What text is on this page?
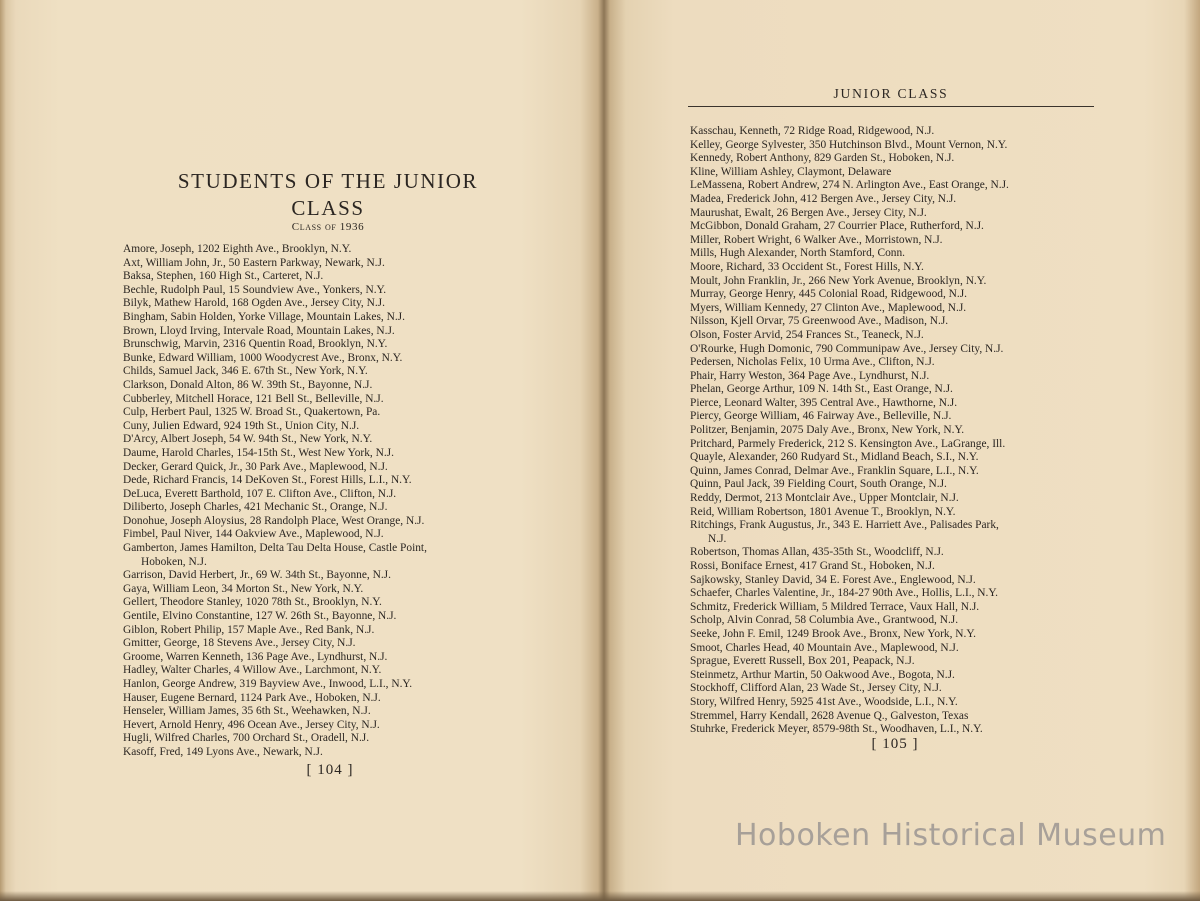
STUDENTS OF THE JUNIOR
CLASS
Class of 1936
Amore, Joseph, 1202 Eighth Ave., Brooklyn, N.Y.
Axt, William John, Jr., 50 Eastern Parkway, Newark, N.J.
Baksa, Stephen, 160 High St., Carteret, N.J.
Bechle, Rudolph Paul, 15 Soundview Ave., Yonkers, N.Y.
Bilyk, Mathew Harold, 168 Ogden Ave., Jersey City, N.J.
Bingham, Sabin Holden, Yorke Village, Mountain Lakes, N.J.
Brown, Lloyd Irving, Intervale Road, Mountain Lakes, N.J.
Brunschwig, Marvin, 2316 Quentin Road, Brooklyn, N.Y.
Bunke, Edward William, 1000 Woodycrest Ave., Bronx, N.Y.
Childs, Samuel Jack, 346 E. 67th St., New York, N.Y.
Clarkson, Donald Alton, 86 W. 39th St., Bayonne, N.J.
Cubberley, Mitchell Horace, 121 Bell St., Belleville, N.J.
Culp, Herbert Paul, 1325 W. Broad St., Quakertown, Pa.
Cuny, Julien Edward, 924 19th St., Union City, N.J.
D'Arcy, Albert Joseph, 54 W. 94th St., New York, N.Y.
Daume, Harold Charles, 154-15th St., West New York, N.J.
Decker, Gerard Quick, Jr., 30 Park Ave., Maplewood, N.J.
Dede, Richard Francis, 14 DeKoven St., Forest Hills, L.I., N.Y.
DeLuca, Everett Barthold, 107 E. Clifton Ave., Clifton, N.J.
Diliberto, Joseph Charles, 421 Mechanic St., Orange, N.J.
Donohue, Joseph Aloysius, 28 Randolph Place, West Orange, N.J.
Fimbel, Paul Niver, 144 Oakview Ave., Maplewood, N.J.
Gamberton, James Hamilton, Delta Tau Delta House, Castle Point,
Hoboken, N.J.
Garrison, David Herbert, Jr., 69 W. 34th St., Bayonne, N.J.
Gaya, William Leon, 34 Morton St., New York, N.Y.
Gellert, Theodore Stanley, 1020 78th St., Brooklyn, N.Y.
Gentile, Elvino Constantine, 127 W. 26th St., Bayonne, N.J.
Giblon, Robert Philip, 157 Maple Ave., Red Bank, N.J.
Gmitter, George, 18 Stevens Ave., Jersey City, N.J.
Groome, Warren Kenneth, 136 Page Ave., Lyndhurst, N.J.
Hadley, Walter Charles, 4 Willow Ave., Larchmont, N.Y.
Hanlon, George Andrew, 319 Bayview Ave., Inwood, L.I., N.Y.
Hauser, Eugene Bernard, 1124 Park Ave., Hoboken, N.J.
Henseler, William James, 35 6th St., Weehawken, N.J.
Hevert, Arnold Henry, 496 Ocean Ave., Jersey City, N.J.
Hugli, Wilfred Charles, 700 Orchard St., Oradell, N.J.
Kasoff, Fred, 149 Lyons Ave., Newark, N.J.
[ 104 ]
JUNIOR CLASS
Kasschau, Kenneth, 72 Ridge Road, Ridgewood, N.J.
Kelley, George Sylvester, 350 Hutchinson Blvd., Mount Vernon, N.Y.
Kennedy, Robert Anthony, 829 Garden St., Hoboken, N.J.
Kline, William Ashley, Claymont, Delaware
LeMassena, Robert Andrew, 274 N. Arlington Ave., East Orange, N.J.
Madea, Frederick John, 412 Bergen Ave., Jersey City, N.J.
Maurushat, Ewalt, 26 Bergen Ave., Jersey City, N.J.
McGibbon, Donald Graham, 27 Courrier Place, Rutherford, N.J.
Miller, Robert Wright, 6 Walker Ave., Morristown, N.J.
Mills, Hugh Alexander, North Stamford, Conn.
Moore, Richard, 33 Occident St., Forest Hills, N.Y.
Moult, John Franklin, Jr., 266 New York Avenue, Brooklyn, N.Y.
Murray, George Henry, 445 Colonial Road, Ridgewood, N.J.
Myers, William Kennedy, 27 Clinton Ave., Maplewood, N.J.
Nilsson, Kjell Orvar, 75 Greenwood Ave., Madison, N.J.
Olson, Foster Arvid, 254 Frances St., Teaneck, N.J.
O'Rourke, Hugh Domonic, 790 Communipaw Ave., Jersey City, N.J.
Pedersen, Nicholas Felix, 10 Urma Ave., Clifton, N.J.
Phair, Harry Weston, 364 Page Ave., Lyndhurst, N.J.
Phelan, George Arthur, 109 N. 14th St., East Orange, N.J.
Pierce, Leonard Walter, 395 Central Ave., Hawthorne, N.J.
Piercy, George William, 46 Fairway Ave., Belleville, N.J.
Politzer, Benjamin, 2075 Daly Ave., Bronx, New York, N.Y.
Pritchard, Parmely Frederick, 212 S. Kensington Ave., LaGrange, Ill.
Quayle, Alexander, 260 Rudyard St., Midland Beach, S.I., N.Y.
Quinn, James Conrad, Delmar Ave., Franklin Square, L.I., N.Y.
Quinn, Paul Jack, 39 Fielding Court, South Orange, N.J.
Reddy, Dermot, 213 Montclair Ave., Upper Montclair, N.J.
Reid, William Robertson, 1801 Avenue T., Brooklyn, N.Y.
Ritchings, Frank Augustus, Jr., 343 E. Harriett Ave., Palisades Park,
N.J.
Robertson, Thomas Allan, 435-35th St., Woodcliff, N.J.
Rossi, Boniface Ernest, 417 Grand St., Hoboken, N.J.
Sajkowsky, Stanley David, 34 E. Forest Ave., Englewood, N.J.
Schaefer, Charles Valentine, Jr., 184-27 90th Ave., Hollis, L.I., N.Y.
Schmitz, Frederick William, 5 Mildred Terrace, Vaux Hall, N.J.
Scholp, Alvin Conrad, 58 Columbia Ave., Grantwood, N.J.
Seeke, John F. Emil, 1249 Brook Ave., Bronx, New York, N.Y.
Smoot, Charles Head, 40 Mountain Ave., Maplewood, N.J.
Sprague, Everett Russell, Box 201, Peapack, N.J.
Steinmetz, Arthur Martin, 50 Oakwood Ave., Bogota, N.J.
Stockhoff, Clifford Alan, 23 Wade St., Jersey City, N.J.
Story, Wilfred Henry, 5925 41st Ave., Woodside, L.I., N.Y.
Stremmel, Harry Kendall, 2628 Avenue Q., Galveston, Texas
Stuhrke, Frederick Meyer, 8579-98th St., Woodhaven, L.I., N.Y.
[ 105 ]
Hoboken Historical Museum
